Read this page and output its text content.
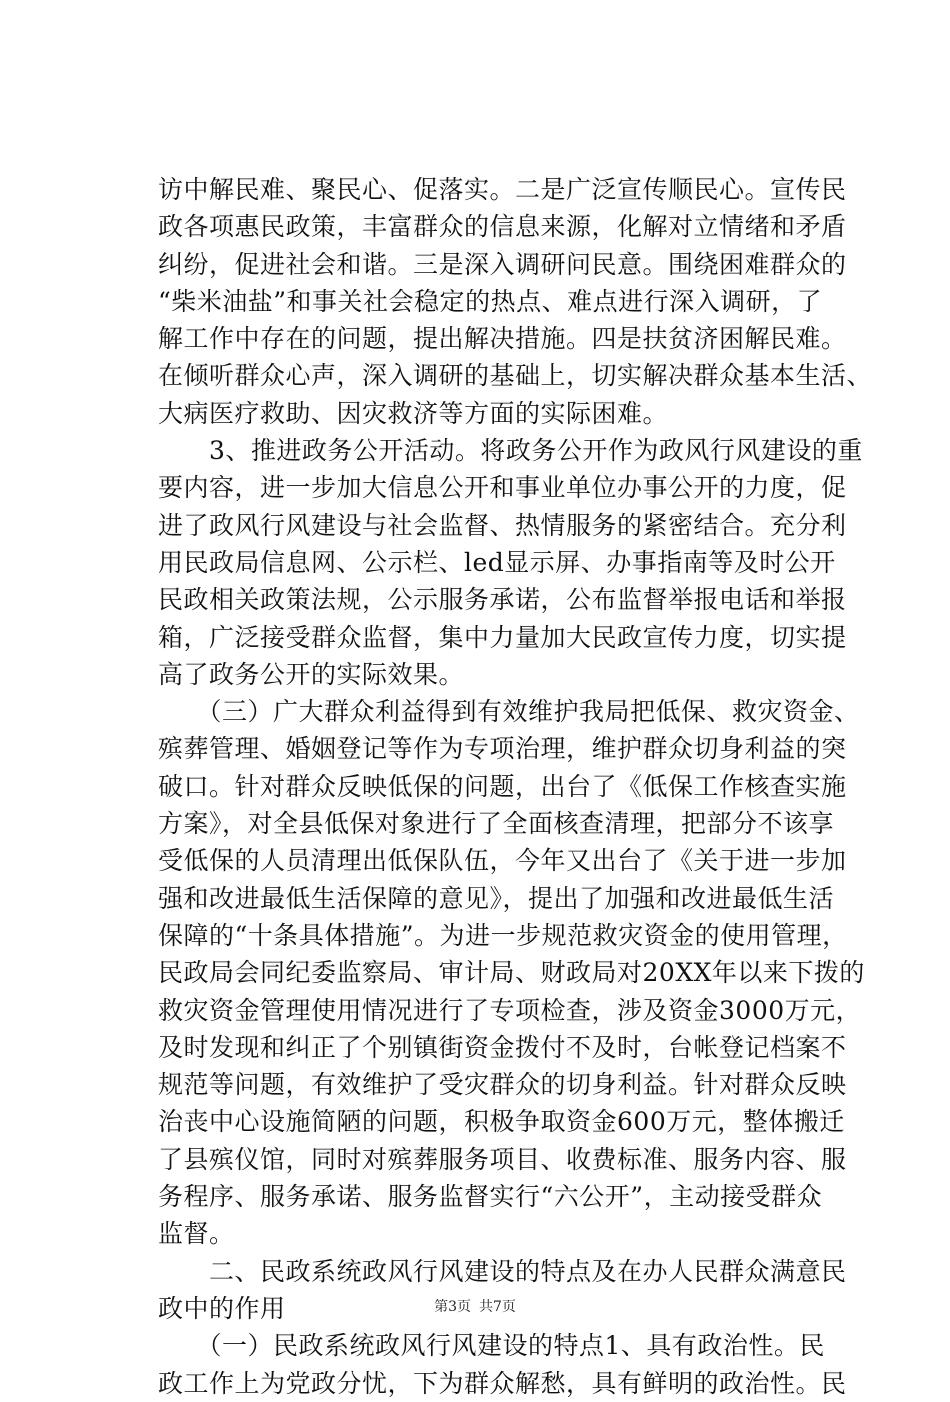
访中解民难、聚民心、促落实。二是广泛宣传顺民心。宣传民
政各项惠民政策，丰富群众的信息来源，化解对立情绪和矛盾
纠纷，促进社会和谐。三是深入调研问民意。围绕困难群众的
“柴米油盐”和事关社会稳定的热点、难点进行深入调研，了
解工作中存在的问题，提出解决措施。四是扶贫济困解民难。
在倾听群众心声，深入调研的基础上，切实解决群众基本生活、
大病医疗救助、因灾救济等方面的实际困难。
　　3、推进政务公开活动。将政务公开作为政风行风建设的重
要内容，进一步加大信息公开和事业单位办事公开的力度，促
进了政风行风建设与社会监督、热情服务的紧密结合。充分利
用民政局信息网、公示栏、led显示屏、办事指南等及时公开
民政相关政策法规，公示服务承诺，公布监督举报电话和举报
箱，广泛接受群众监督，集中力量加大民政宣传力度，切实提
高了政务公开的实际效果。
　　（三）广大群众利益得到有效维护我局把低保、救灾资金、
殡葬管理、婚姻登记等作为专项治理，维护群众切身利益的突
破口。针对群众反映低保的问题，出台了《低保工作核查实施
方案》，对全县低保对象进行了全面核查清理，把部分不该享
受低保的人员清理出低保队伍，今年又出台了《关于进一步加
强和改进最低生活保障的意见》，提出了加强和改进最低生活
保障的“十条具体措施”。为进一步规范救灾资金的使用管理，
民政局会同纪委监察局、审计局、财政局对20XX年以来下拨的
救灾资金管理使用情况进行了专项检查，涉及资金3000万元，
及时发现和纠正了个别镇街资金拨付不及时，台帐登记档案不
规范等问题，有效维护了受灾群众的切身利益。针对群众反映
治丧中心设施简陋的问题，积极争取资金600万元，整体搬迁
了县殡仪馆，同时对殡葬服务项目、收费标准、服务内容、服
务程序、服务承诺、服务监督实行“六公开”，主动接受群众
监督。
　　二、民政系统政风行风建设的特点及在办人民群众满意民
政中的作用
　　（一）民政系统政风行风建设的特点1、具有政治性。民
政工作上为党政分忧，下为群众解愁，具有鲜明的政治性。民
第3页 共7页
